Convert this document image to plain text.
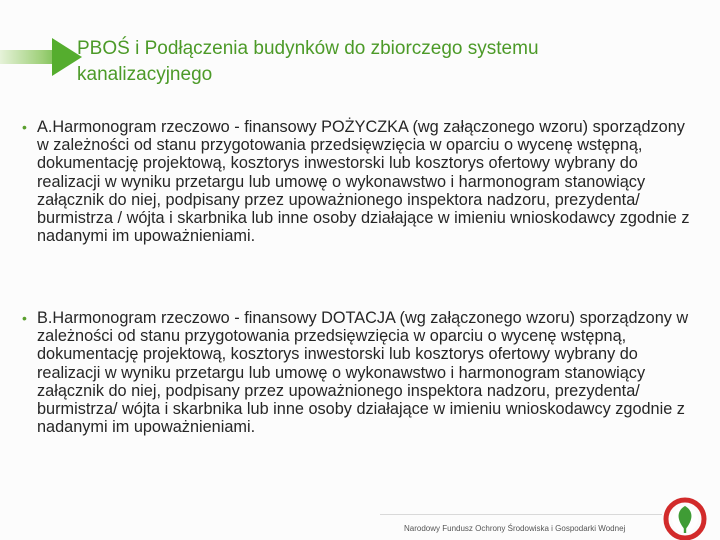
PBOŚ i Podłączenia budynków do zbiorczego systemu kanalizacyjnego
• A.Harmonogram rzeczowo - finansowy POŻYCZKA (wg załączonego wzoru) sporządzony w zależności od stanu przygotowania przedsięwzięcia w oparciu o wycenę wstępną, dokumentację projektową, kosztorys inwestorski lub kosztorys ofertowy wybrany do realizacji w wyniku przetargu lub umowę o wykonawstwo i harmonogram stanowiący załącznik do niej, podpisany przez upoważnionego inspektora nadzoru, prezydenta/ burmistrza / wójta i skarbnika lub inne osoby działające w imieniu wnioskodawcy zgodnie z nadanymi im upoważnieniami.
• B.Harmonogram rzeczowo - finansowy DOTACJA (wg załączonego wzoru) sporządzony w zależności od stanu przygotowania przedsięwzięcia w oparciu o wycenę wstępną, dokumentację projektową, kosztorys inwestorski lub kosztorys ofertowy wybrany do realizacji w wyniku przetargu lub umowę o wykonawstwo i harmonogram stanowiący załącznik do niej, podpisany przez upoważnionego inspektora nadzoru, prezydenta/ burmistrza/ wójta i skarbnika lub inne osoby działające w imieniu wnioskodawcy zgodnie z nadanymi im upoważnieniami.
Narodowy Fundusz Ochrony Środowiska i Gospodarki Wodnej
